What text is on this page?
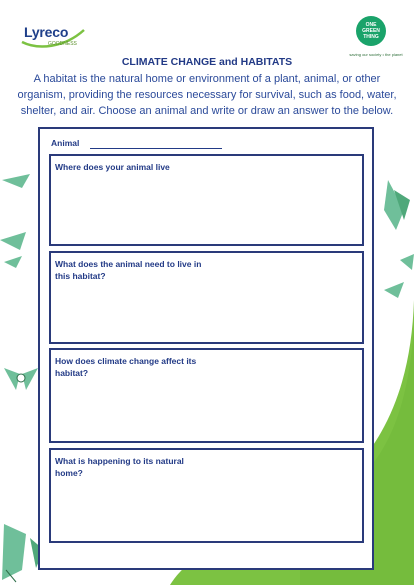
Lyreco
GOODNESS
ONE
GREEN
THING
saving our society • the planet
CLIMATE CHANGE and HABITATS

A habitat is the natural home or environment of a plant, animal, or other organism, providing the resources necessary for survival, such as food, water, shelter, and air. Choose an animal and write or draw an answer to the below.

Animal

Where does your animal live

What does the animal need to live in this habitat?

How does climate change affect its habitat?

What is happening to its natural home?

Remember to recycle any paper waste!
